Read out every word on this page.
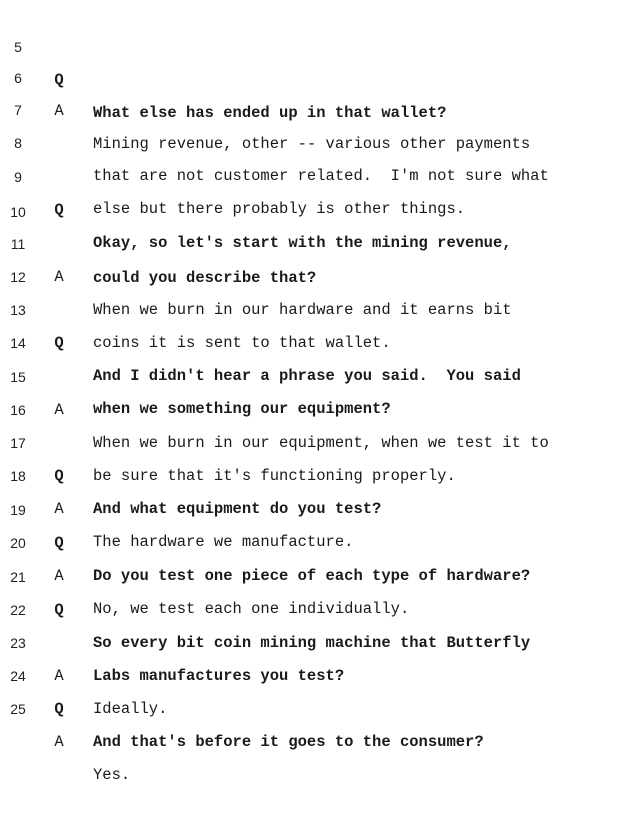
5

Q

What else has ended up in that wallet?

6

A

Mining revenue, other -- various other payments

7

that are not customer related.  I'm not sure what

8

else but there probably is other things.

9

Q

Okay, so let's start with the mining revenue,

10

could you describe that?

11

A

When we burn in our hardware and it earns bit

12

coins it is sent to that wallet.

13

Q

And I didn't hear a phrase you said.  You said

14

when we something our equipment?

15

A

When we burn in our equipment, when we test it to

16

be sure that it's functioning properly.

17

Q

And what equipment do you test?

18

A

The hardware we manufacture.

19

Q

Do you test one piece of each type of hardware?

20

A

No, we test each one individually.

21

Q

So every bit coin mining machine that Butterfly

22

Labs manufactures you test?

23

A

Ideally.

24

Q

And that's before it goes to the consumer?

25

A

Yes.
